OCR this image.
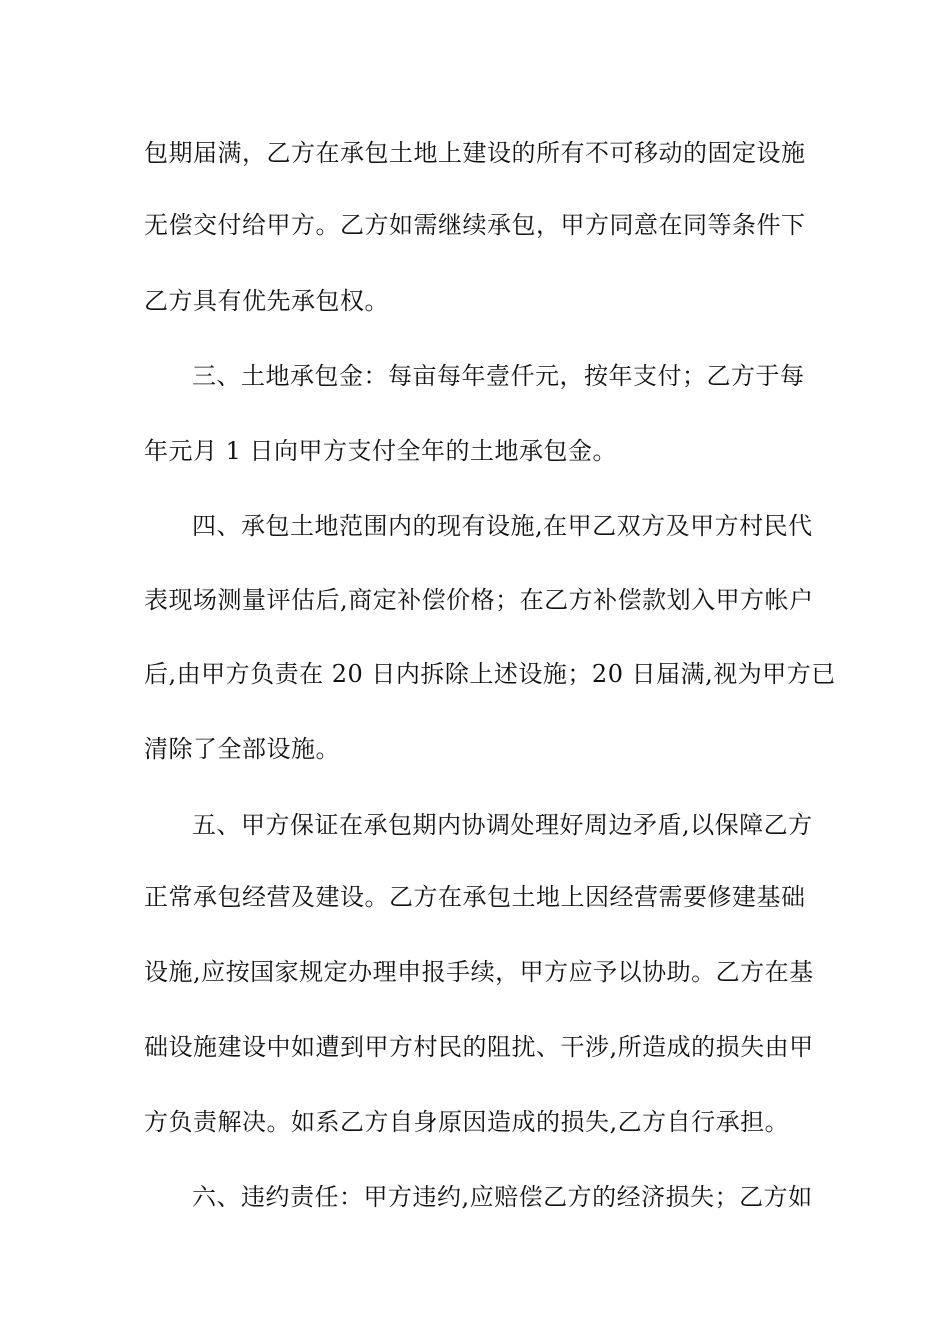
包期届满，乙方在承包土地上建设的所有不可移动的固定设施
无偿交付给甲方。乙方如需继续承包，甲方同意在同等条件下
乙方具有优先承包权。
三、土地承包金：每亩每年壹仟元，按年支付；乙方于每
年元月 1 日向甲方支付全年的土地承包金。
四、承包土地范围内的现有设施,在甲乙双方及甲方村民代
表现场测量评估后,商定补偿价格；在乙方补偿款划入甲方帐户
后,由甲方负责在 20 日内拆除上述设施；20 日届满,视为甲方已
清除了全部设施。
五、甲方保证在承包期内协调处理好周边矛盾,以保障乙方
正常承包经营及建设。乙方在承包土地上因经营需要修建基础
设施,应按国家规定办理申报手续，甲方应予以协助。乙方在基
础设施建设中如遭到甲方村民的阻扰、干涉,所造成的损失由甲
方负责解决。如系乙方自身原因造成的损失,乙方自行承担。
六、违约责任：甲方违约,应赔偿乙方的经济损失；乙方如
